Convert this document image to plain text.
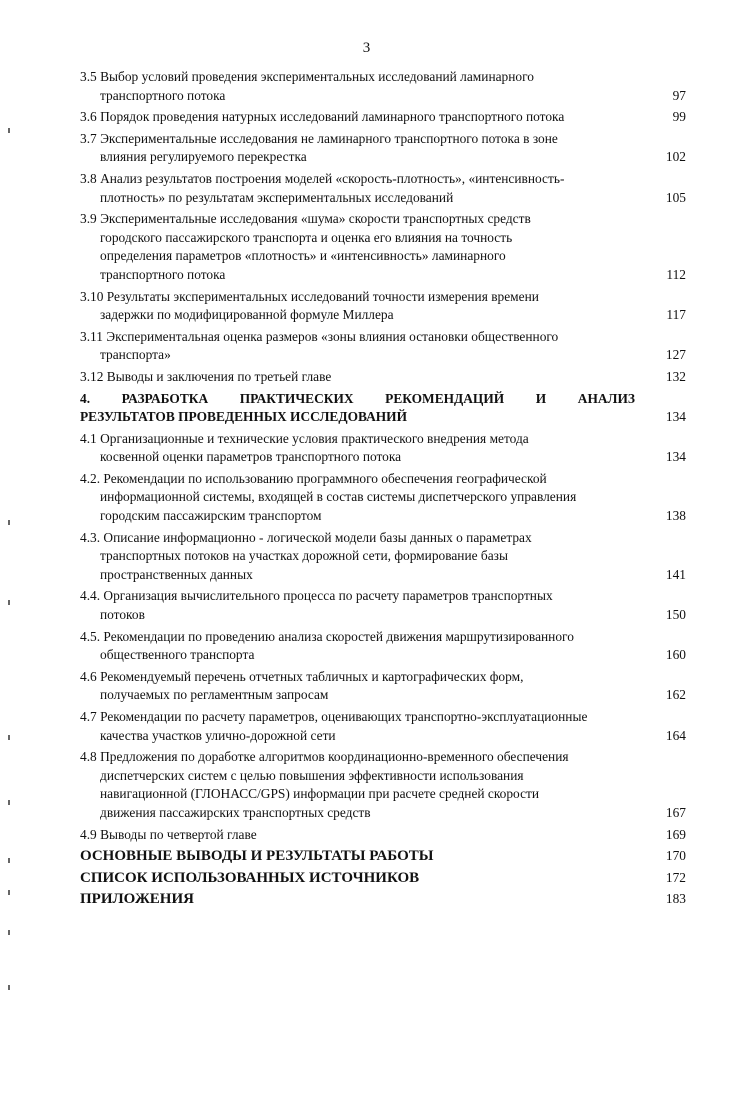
3
3.5 Выбор условий проведения экспериментальных исследований ламинарного
транспортного потока	97
3.6 Порядок проведения натурных исследований ламинарного транспортного потока	99
3.7 Экспериментальные исследования не ламинарного транспортного потока в зоне
влияния регулируемого перекрестка	102
3.8 Анализ результатов построения моделей «скорость-плотность», «интенсивность-
плотность» по результатам экспериментальных исследований	105
3.9 Экспериментальные исследования «шума» скорости транспортных средств
городского пассажирского транспорта и оценка его влияния на точность
определения параметров «плотность» и «интенсивность» ламинарного
транспортного потока	112
3.10 Результаты экспериментальных исследований точности измерения времени
задержки по модифицированной формуле Миллера	117
3.11 Экспериментальная оценка размеров «зоны влияния остановки общественного
транспорта»	127
3.12 Выводы и заключения по третьей главе	132
4. РАЗРАБОТКА ПРАКТИЧЕСКИХ РЕКОМЕНДАЦИЙ И АНАЛИЗ
РЕЗУЛЬТАТОВ ПРОВЕДЕННЫХ ИССЛЕДОВАНИЙ	134
4.1 Организационные и технические условия практического внедрения метода
косвенной оценки параметров транспортного потока	134
4.2. Рекомендации по использованию программного обеспечения географической
информационной системы, входящей в состав системы диспетчерского управления
городским пассажирским транспортом	138
4.3. Описание информационно - логической модели базы данных о параметрах
транспортных потоков на участках дорожной сети, формирование базы
пространственных данных	141
4.4. Организация вычислительного процесса по расчету параметров транспортных
потоков	150
4.5. Рекомендации по проведению анализа скоростей движения маршрутизированного
общественного транспорта	160
4.6 Рекомендуемый перечень отчетных табличных и картографических форм,
получаемых по регламентным запросам	162
4.7 Рекомендации по расчету параметров, оценивающих транспортно-эксплуатационные
качества участков улично-дорожной сети	164
4.8 Предложения по доработке алгоритмов координационно-временного обеспечения
диспетчерских систем с целью повышения эффективности использования
навигационной (ГЛОНАСС/GPS) информации при расчете средней скорости
движения пассажирских транспортных средств	167
4.9 Выводы по четвертой главе	169
ОСНОВНЫЕ ВЫВОДЫ И РЕЗУЛЬТАТЫ РАБОТЫ	170
СПИСОК ИСПОЛЬЗОВАННЫХ ИСТОЧНИКОВ	172
ПРИЛОЖЕНИЯ	183
